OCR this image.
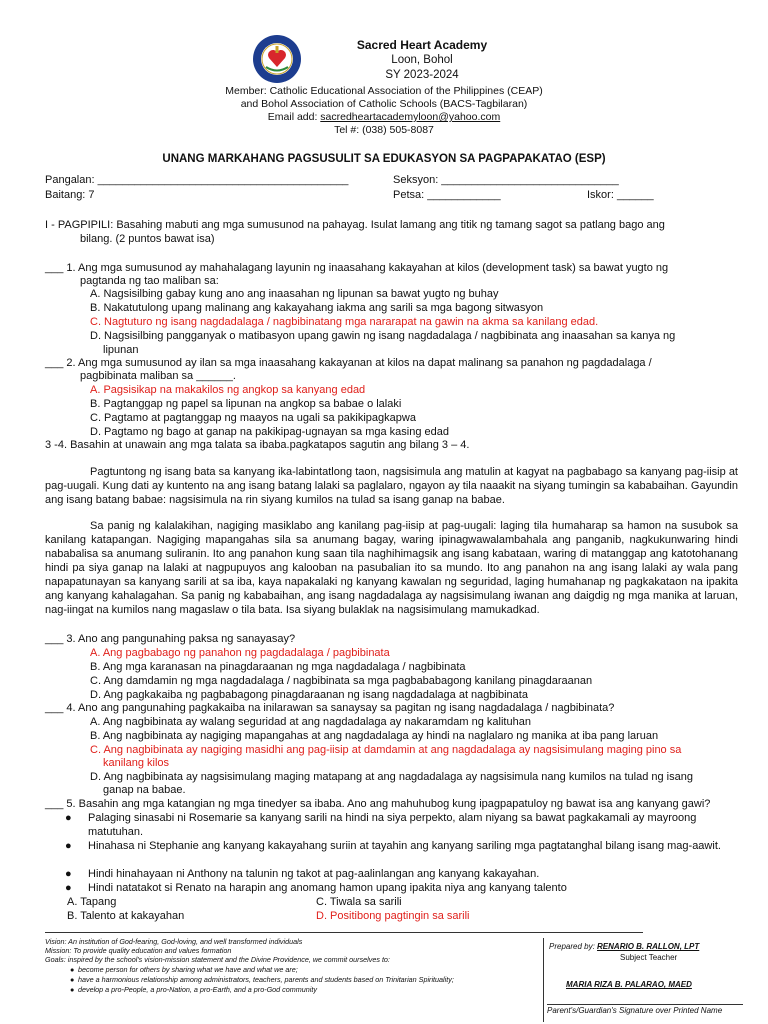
Sacred Heart Academy
Loon, Bohol
SY 2023-2024
Member: Catholic Educational Association of the Philippines (CEAP)
and Bohol Association of Catholic Schools (BACS-Tagbilaran)
Email add: sacredheartacademyloon@yahoo.com
Tel #: (038) 505-8087
UNANG MARKAHANG PAGSUSULIT SA EDUKASYON SA PAGPAPAKATAO (ESP)
Pangalan: _________________________________________	Seksyon: _____________________________
Baitang: 7	Petsa: ____________	Iskor: ______
I - PAGPIPILI: Basahing mabuti ang mga sumusunod na pahayag. Isulat lamang ang titik ng tamang sagot sa patlang bago ang
bilang. (2 puntos bawat isa)
___ 1. Ang mga sumusunod ay mahahalagang layunin ng inaasahang kakayahan at kilos (development task) sa bawat yugto ng
pagtanda ng tao maliban sa:
A. Nagsisilbing gabay kung ano ang inaasahan ng lipunan sa bawat yugto ng buhay
B. Nakatutulong upang malinang ang kakayahang iakma ang sarili sa mga bagong sitwasyon
C. Nagtuturo ng isang nagdadalaga / nagbibinatang mga nararapat na gawin na akma sa kanilang edad.
D. Nagsisilbing pangganyak o matibasyon upang gawin ng isang nagdadalaga / nagbibinata ang inaasahan sa kanya ng
lipunan
___ 2. Ang mga sumusunod ay ilan sa mga inaasahang kakayanan at kilos na dapat malinang sa panahon ng pagdadalaga /
pagbibinata maliban sa ______.
A. Pagsisikap na makakilos ng angkop sa kanyang edad
B. Pagtanggap ng papel sa lipunan na angkop sa babae o lalaki
C. Pagtamo at pagtanggap ng maayos na ugali sa pakikipagkapwa
D. Pagtamo ng bago at ganap na pakikipag-ugnayan sa mga kasing edad
3 -4. Basahin at unawain ang mga talata sa ibaba.pagkatapos sagutin ang bilang 3 – 4.
Pagtuntong ng isang bata sa kanyang ika-labintatlong taon, nagsisimula ang matulin at kagyat na pagbabago sa kanyang pag-iisip at pag-uugali. Kung dati ay kuntento na ang isang batang lalaki sa paglalaro, ngayon ay tila naaakit na siyang tumingin sa kababaihan. Gayundin ang isang batang babae: nagsisimula na rin siyang kumilos na tulad sa isang ganap na babae.
Sa panig ng kalalakihan, nagiging masiklabo ang kanilang pag-iisip at pag-uugali: laging tila humaharap sa hamon na susubok sa kanilang katapangan. Nagiging mapangahas sila sa anumang bagay, waring ipinagwawalambahala ang panganib, nagkukunwaring hindi nababalisa sa anumang suliranin. Ito ang panahon kung saan tila naghihimagsik ang isang kabataan, waring di matanggap ang katotohanang hindi pa siya ganap na lalaki at nagpupuyos ang kalooban na pasubalian ito sa mundo. Ito ang panahon na ang isang lalaki ay wala pang napapatunayan sa kanyang sarili at sa iba, kaya napakalaki ng kanyang kawalan ng seguridad, laging humahanap ng pagkakataon na ipakita ang kanyang kahalagahan. Sa panig ng kababaihan, ang isang nagdadalaga ay nagsisimulang iwanan ang daigdig ng mga manika at laruan, nag-iingat na kumilos nang magaslaw o tila bata. Isa siyang bulaklak na nagsisimulang mamukadkad.
___ 3. Ano ang pangunahing paksa ng sanayasay?
A. Ang pagbabago ng panahon ng pagdadalaga / pagbibinata
B. Ang mga karanasan na pinagdaraanan ng mga nagdadalaga / nagbibinata
C. Ang damdamin ng mga nagdadalaga / nagbibinata sa mga pagbababagong kanilang pinagdaraanan
D. Ang pagkakaiba ng pagbabagong pinagdaraanan ng isang nagdadalaga at nagbibinata
___ 4. Ano ang pangunahing pagkakaiba na inilarawan sa sanaysay sa pagitan ng isang nagdadalaga / nagbibinata?
A. Ang nagbibinata ay walang seguridad at ang nagdadalaga ay nakaramdam ng kalituhan
B. Ang nagbibinata ay nagiging mapangahas at ang nagdadalaga ay hindi na naglalaro ng manika at iba pang laruan
C. Ang nagbibinata ay nagiging masidhi ang pag-iisip at damdamin at ang nagdadalaga ay nagsisimulang maging pino sa
kanilang kilos
D. Ang nagbibinata ay nagsisimulang maging matapang at ang nagdadalaga ay nagsisimula nang kumilos na tulad ng isang
ganap na babae.
___ 5. Basahin ang mga katangian ng mga tinedyer sa ibaba. Ano ang mahuhubog kung ipagpapatuloy ng bawat isa ang kanyang gawi?
● Palaging sinasabi ni Rosemarie sa kanyang sarili na hindi na siya perpekto, alam niyang sa bawat pagkakamali ay mayroong matutuhan.
● Hinahasa ni Stephanie ang kanyang kakayahang suriin at tayahin ang kanyang sariling mga pagtatanghal bilang isang mag-aawit.
● Hindi hinahayaan ni Anthony na talunin ng takot at pag-aalinlangan ang kanyang kakayahan.
● Hindi natatakot si Renato na harapin ang anomang hamon upang ipakita niya ang kanyang talento
A. Tapang	C. Tiwala sa sarili
B. Talento at kakayahan	D. Positibong pagtingin sa sarili
Vision: An institution of God-fearing, God-loving, and well transformed individuals
Mission: To provide quality education and values formation
Goals: inspired by the school's vision-mission statement and the Divine Providence, we commit ourselves to:
● become person for others by sharing what we have and what we are;
● have a harmonious relationship among administrators, teachers, parents and students based on Trinitarian Spirituality;
● develop a pro-People, a pro-Nation, a pro-Earth, and a pro-God community
Prepared by: RENARIO B. RALLON, LPT
Subject Teacher
MARIA RIZA B. PALARAO, MAED
Parent's/Guardian's Signature over Printed Name
